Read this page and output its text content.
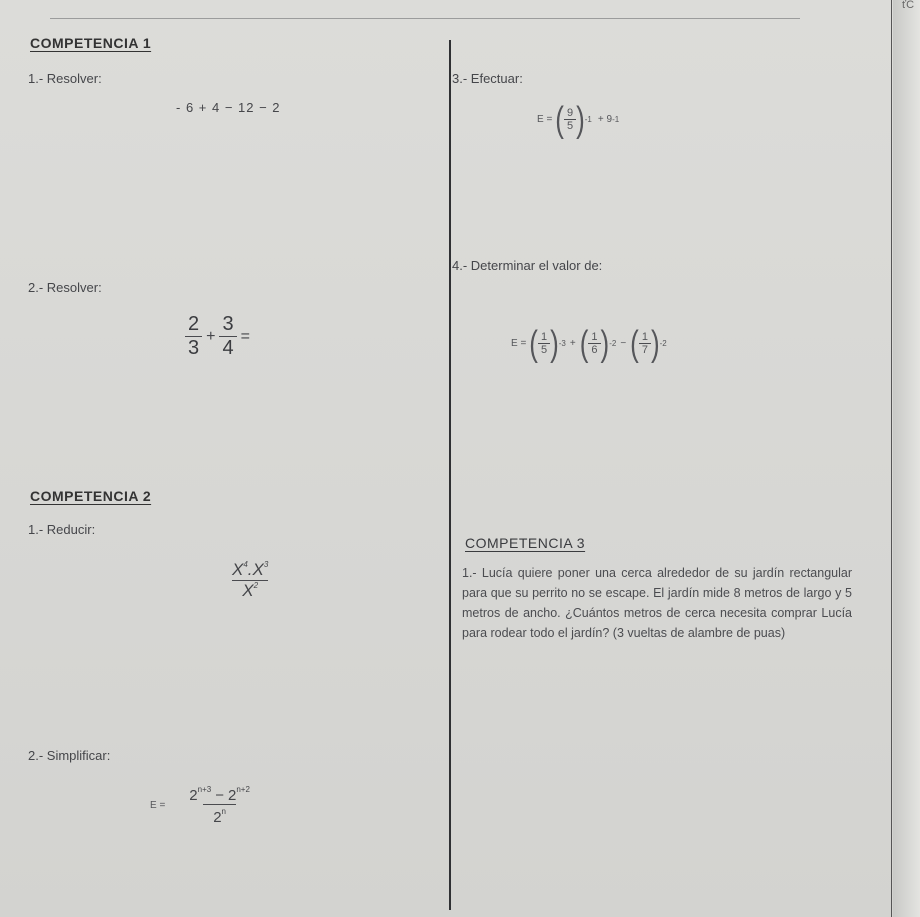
ťC
COMPETENCIA 1
1.- Resolver:
- 6 + 4 − 12 − 2
2.- Resolver:
$\frac{2}{3} + \frac{3}{4}$ =
3.- Efectuar:
E = ( $\frac{9}{5}$ ) -1 + 9 -1
4.- Determinar el valor de:
E = ( $\frac{1}{5}$ ) -3 + ( $\frac{1}{6}$ ) -2 − ( $\frac{1}{7}$ ) -2
COMPETENCIA 2
1.- Reducir:
$\frac{X^4.X^3}{X^2}$
2.- Simplificar:
$E = \frac{2^{n+3} - 2^{n+2}}{2^n}$
COMPETENCIA 3
1.- Lucía quiere poner una cerca alrededor de su jardín rectangular para que su perrito no se escape. El jardín mide 8 metros de largo y 5 metros de ancho. ¿Cuántos metros de cerca necesita comprar Lucía para rodear todo el jardín? (3 vueltas de alambre de puas)
